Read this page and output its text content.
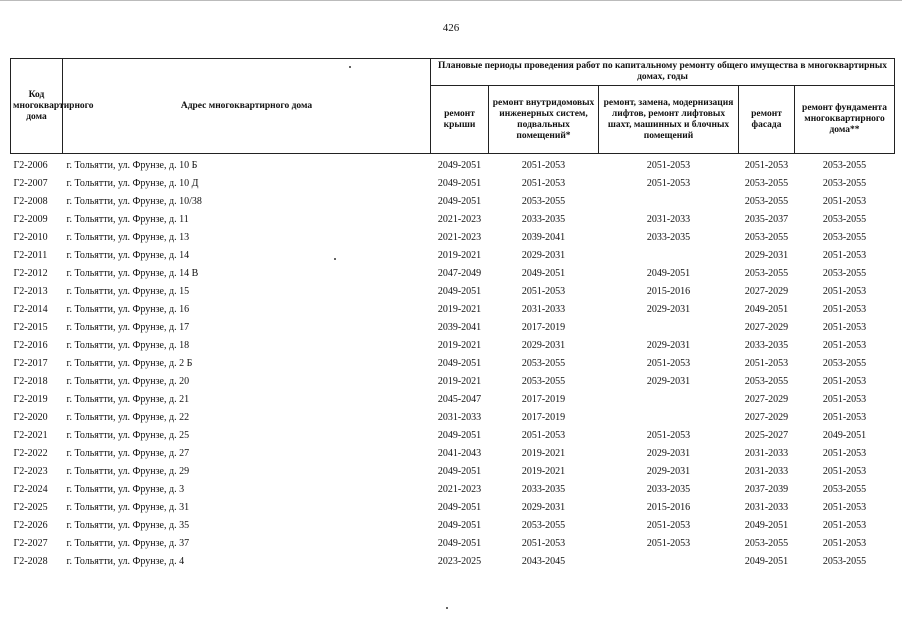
426
Код многоквартирного дома	Адрес многоквартирного дома	Плановые периоды проведения работ по капитальному ремонту общего имущества в многоквартирных домах, годы				
		ремонт крыши	ремонт внутридомовых инженерных систем, подвальных помещений*	ремонт, замена, модернизация лифтов, ремонт лифтовых шахт, машинных и блочных помещений	ремонт фасада	ремонт фундамента многоквартирного дома**
Г2-2006	г. Тольятти, ул. Фрунзе, д. 10 Б	2049-2051	2051-2053	2051-2053	2051-2053	2053-2055
Г2-2007	г. Тольятти, ул. Фрунзе, д. 10 Д	2049-2051	2051-2053	2051-2053	2053-2055	2053-2055
Г2-2008	г. Тольятти, ул. Фрунзе, д. 10/38	2049-2051	2053-2055		2053-2055	2051-2053
Г2-2009	г. Тольятти, ул. Фрунзе, д. 11	2021-2023	2033-2035	2031-2033	2035-2037	2053-2055
Г2-2010	г. Тольятти, ул. Фрунзе, д. 13	2021-2023	2039-2041	2033-2035	2053-2055	2053-2055
Г2-2011	г. Тольятти, ул. Фрунзе, д. 14	2019-2021	2029-2031		2029-2031	2051-2053
Г2-2012	г. Тольятти, ул. Фрунзе, д. 14 В	2047-2049	2049-2051	2049-2051	2053-2055	2053-2055
Г2-2013	г. Тольятти, ул. Фрунзе, д. 15	2049-2051	2051-2053	2015-2016	2027-2029	2051-2053
Г2-2014	г. Тольятти, ул. Фрунзе, д. 16	2019-2021	2031-2033	2029-2031	2049-2051	2051-2053
Г2-2015	г. Тольятти, ул. Фрунзе, д. 17	2039-2041	2017-2019		2027-2029	2051-2053
Г2-2016	г. Тольятти, ул. Фрунзе, д. 18	2019-2021	2029-2031	2029-2031	2033-2035	2051-2053
Г2-2017	г. Тольятти, ул. Фрунзе, д. 2 Б	2049-2051	2053-2055	2051-2053	2051-2053	2053-2055
Г2-2018	г. Тольятти, ул. Фрунзе, д. 20	2019-2021	2053-2055	2029-2031	2053-2055	2051-2053
Г2-2019	г. Тольятти, ул. Фрунзе, д. 21	2045-2047	2017-2019		2027-2029	2051-2053
Г2-2020	г. Тольятти, ул. Фрунзе, д. 22	2031-2033	2017-2019		2027-2029	2051-2053
Г2-2021	г. Тольятти, ул. Фрунзе, д. 25	2049-2051	2051-2053	2051-2053	2025-2027	2049-2051
Г2-2022	г. Тольятти, ул. Фрунзе, д. 27	2041-2043	2019-2021	2029-2031	2031-2033	2051-2053
Г2-2023	г. Тольятти, ул. Фрунзе, д. 29	2049-2051	2019-2021	2029-2031	2031-2033	2051-2053
Г2-2024	г. Тольятти, ул. Фрунзе, д. 3	2021-2023	2033-2035	2033-2035	2037-2039	2053-2055
Г2-2025	г. Тольятти, ул. Фрунзе, д. 31	2049-2051	2029-2031	2015-2016	2031-2033	2051-2053
Г2-2026	г. Тольятти, ул. Фрунзе, д. 35	2049-2051	2053-2055	2051-2053	2049-2051	2051-2053
Г2-2027	г. Тольятти, ул. Фрунзе, д. 37	2049-2051	2051-2053	2051-2053	2053-2055	2051-2053
Г2-2028	г. Тольятти, ул. Фрунзе, д. 4	2023-2025	2043-2045		2049-2051	2053-2055
